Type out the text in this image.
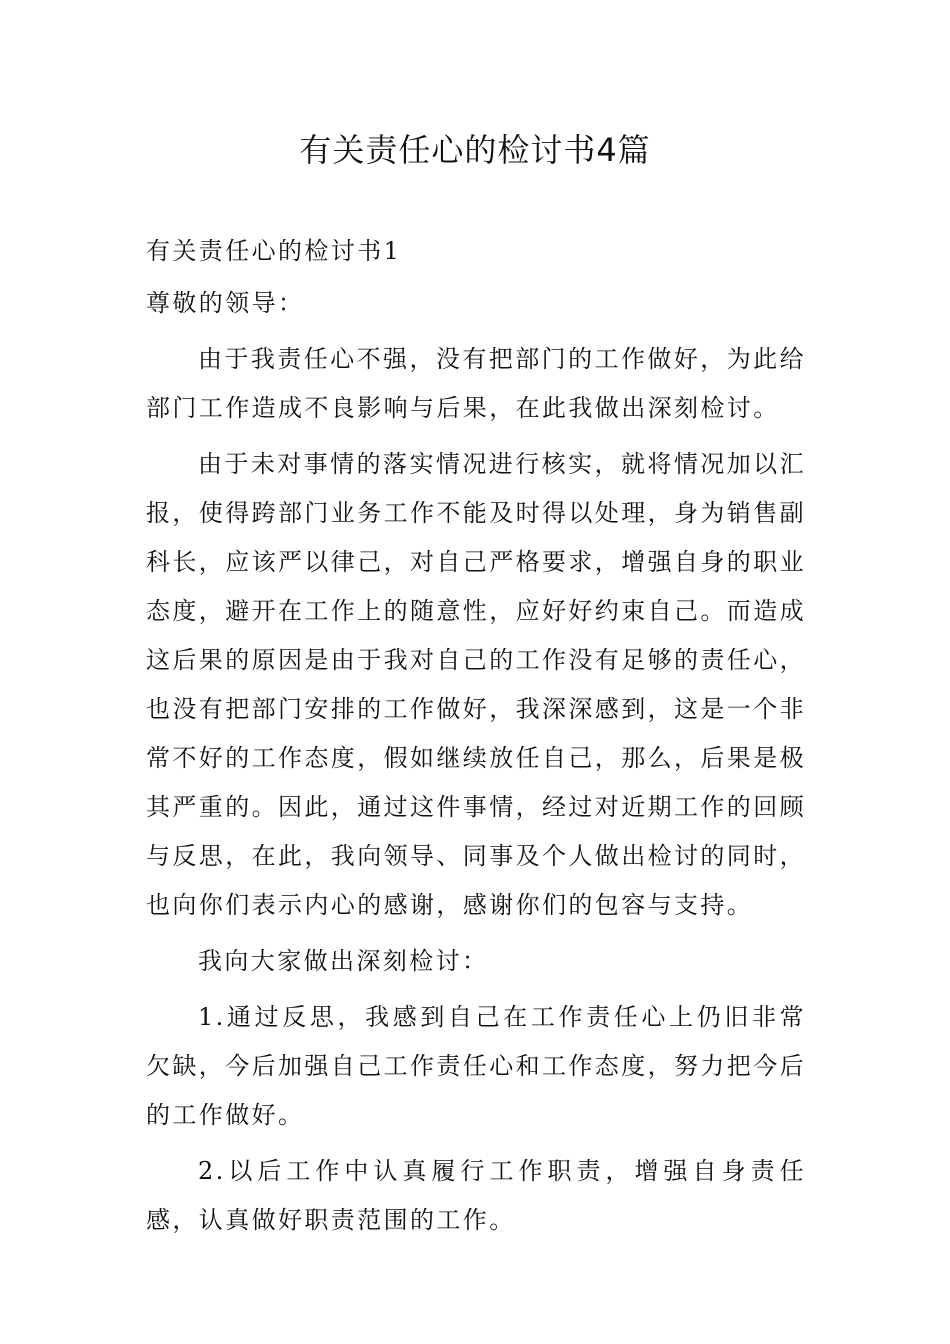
有关责任心的检讨书4篇

有关责任心的检讨书1

尊敬的领导：

由于我责任心不强，没有把部门的工作做好，为此给部门工作造成不良影响与后果，在此我做出深刻检讨。

由于未对事情的落实情况进行核实，就将情况加以汇报，使得跨部门业务工作不能及时得以处理，身为销售副科长，应该严以律己，对自己严格要求，增强自身的职业态度，避开在工作上的随意性，应好好约束自己。而造成这后果的原因是由于我对自己的工作没有足够的责任心，也没有把部门安排的工作做好，我深深感到，这是一个非常不好的工作态度，假如继续放任自己，那么，后果是极其严重的。因此，通过这件事情，经过对近期工作的回顾与反思，在此，我向领导、同事及个人做出检讨的同时，也向你们表示内心的感谢，感谢你们的包容与支持。

我向大家做出深刻检讨：

1.通过反思，我感到自己在工作责任心上仍旧非常欠缺，今后加强自己工作责任心和工作态度，努力把今后的工作做好。

2.以后工作中认真履行工作职责，增强自身责任感，认真做好职责范围的工作。
